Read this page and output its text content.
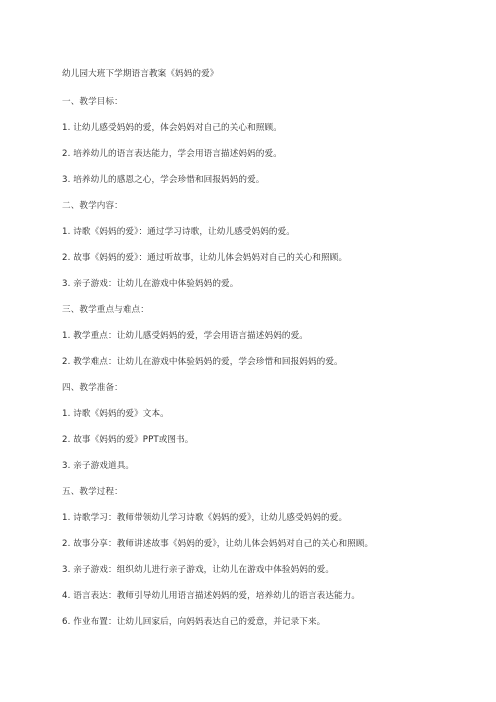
幼儿园大班下学期语言教案《妈妈的爱》
一、教学目标：
1. 让幼儿感受妈妈的爱，体会妈妈对自己的关心和照顾。
2. 培养幼儿的语言表达能力，学会用语言描述妈妈的爱。
3. 培养幼儿的感恩之心，学会珍惜和回报妈妈的爱。
二、教学内容：
1. 诗歌《妈妈的爱》：通过学习诗歌，让幼儿感受妈妈的爱。
2. 故事《妈妈的爱》：通过听故事，让幼儿体会妈妈对自己的关心和照顾。
3. 亲子游戏：让幼儿在游戏中体验妈妈的爱。
三、教学重点与难点：
1. 教学重点：让幼儿感受妈妈的爱，学会用语言描述妈妈的爱。
2. 教学难点：让幼儿在游戏中体验妈妈的爱，学会珍惜和回报妈妈的爱。
四、教学准备：
1. 诗歌《妈妈的爱》文本。
2. 故事《妈妈的爱》PPT或图书。
3. 亲子游戏道具。
五、教学过程：
1. 诗歌学习：教师带领幼儿学习诗歌《妈妈的爱》，让幼儿感受妈妈的爱。
2. 故事分享：教师讲述故事《妈妈的爱》，让幼儿体会妈妈对自己的关心和照顾。
3. 亲子游戏：组织幼儿进行亲子游戏，让幼儿在游戏中体验妈妈的爱。
4. 语言表达：教师引导幼儿用语言描述妈妈的爱，培养幼儿的语言表达能力。
6. 作业布置：让幼儿回家后，向妈妈表达自己的爱意，并记录下来。
